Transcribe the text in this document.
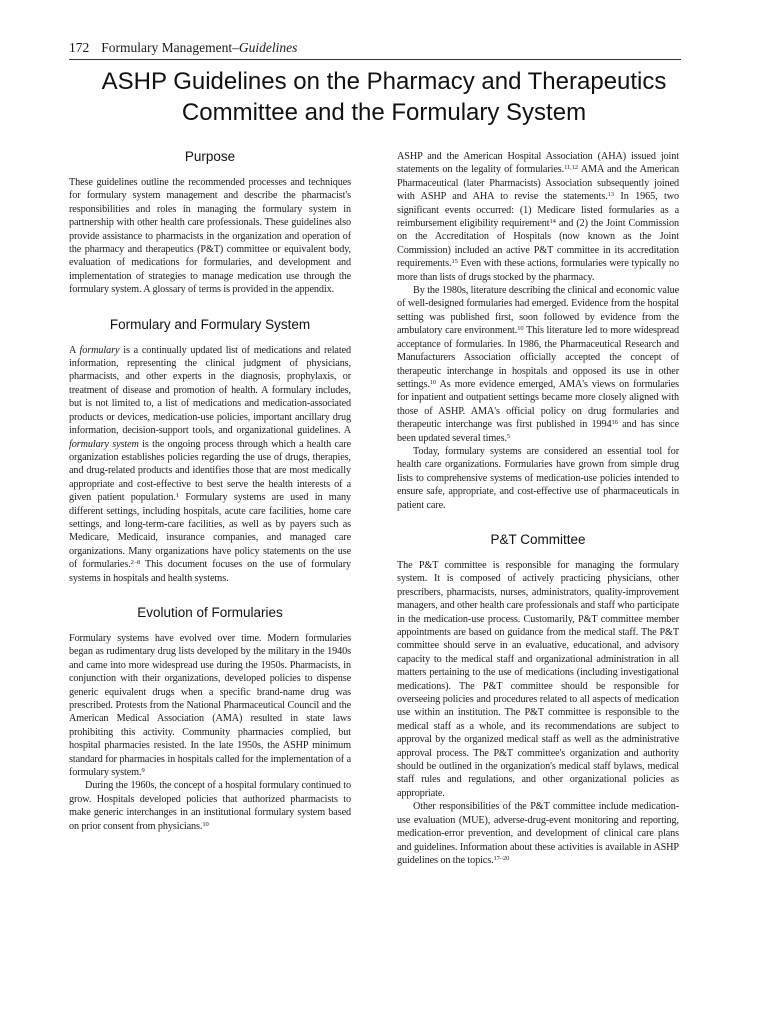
172 Formulary Management–Guidelines
ASHP Guidelines on the Pharmacy and Therapeutics
Committee and the Formulary System
Purpose

These guidelines outline the recommended processes and techniques for formulary system management and describe the pharmacist's responsibilities and roles in managing the formulary system in partnership with other health care professionals. These guidelines also provide assistance to pharmacists in the organization and operation of the pharmacy and therapeutics (P&T) committee or equivalent body, evaluation of medications for formularies, and development and implementation of strategies to manage medication use through the formulary system. A glossary of terms is provided in the appendix.

Formulary and Formulary System

A formulary is a continually updated list of medications and related information, representing the clinical judgment of physicians, pharmacists, and other experts in the diagnosis, prophylaxis, or treatment of disease and promotion of health. A formulary includes, but is not limited to, a list of medications and medication-associated products or devices, medication-use policies, important ancillary drug information, decision-support tools, and organizational guidelines. A formulary system is the ongoing process through which a health care organization establishes policies regarding the use of drugs, therapies, and drug-related products and identifies those that are most medically appropriate and cost-effective to best serve the health interests of a given patient population.$^1$ Formulary systems are used in many different settings, including hospitals, acute care facilities, home care settings, and long-term-care facilities, as well as by payers such as Medicare, Medicaid, insurance companies, and managed care organizations. Many organizations have policy statements on the use of formularies.$^{2-8}$ This document focuses on the use of formulary systems in hospitals and health systems.

Evolution of Formularies

Formulary systems have evolved over time. Modern formularies began as rudimentary drug lists developed by the military in the 1940s and came into more widespread use during the 1950s. Pharmacists, in conjunction with their organizations, developed policies to dispense generic equivalent drugs when a specific brand-name drug was prescribed. Protests from the National Pharmaceutical Council and the American Medical Association (AMA) resulted in state laws prohibiting this activity. Community pharmacies complied, but hospital pharmacies resisted. In the late 1950s, the ASHP minimum standard for pharmacies in hospitals called for the implementation of a formulary system.$^9$

During the 1960s, the concept of a hospital formulary continued to grow. Hospitals developed policies that authorized pharmacists to make generic interchanges in an institutional formulary system based on prior consent from physicians.$^{10}$

ASHP and the American Hospital Association (AHA) issued joint statements on the legality of formularies.$^{11,12}$ AMA and the American Pharmaceutical (later Pharmacists) Association subsequently joined with ASHP and AHA to revise the statements.$^{13}$ In 1965, two significant events occurred: (1) Medicare listed formularies as a reimbursement eligibility requirement$^{14}$ and (2) the Joint Commission on the Accreditation of Hospitals (now known as the Joint Commission) included an active P&T committee in its accreditation requirements.$^{15}$ Even with these actions, formularies were typically no more than lists of drugs stocked by the pharmacy.

By the 1980s, literature describing the clinical and economic value of well-designed formularies had emerged. Evidence from the hospital setting was published first, soon followed by evidence from the ambulatory care environment.$^{10}$ This literature led to more widespread acceptance of formularies. In 1986, the Pharmaceutical Research and Manufacturers Association officially accepted the concept of therapeutic interchange in hospitals and opposed its use in other settings.$^{10}$ As more evidence emerged, AMA's views on formularies for inpatient and outpatient settings became more closely aligned with those of ASHP. AMA's official policy on drug formularies and therapeutic interchange was first published in 1994$^{16}$ and has since been updated several times.$^5$

Today, formulary systems are considered an essential tool for health care organizations. Formularies have grown from simple drug lists to comprehensive systems of medication-use policies intended to ensure safe, appropriate, and cost-effective use of pharmaceuticals in patient care.

P&T Committee

The P&T committee is responsible for managing the formulary system. It is composed of actively practicing physicians, other prescribers, pharmacists, nurses, administrators, quality-improvement managers, and other health care professionals and staff who participate in the medication-use process. Customarily, P&T committee member appointments are based on guidance from the medical staff. The P&T committee should serve in an evaluative, educational, and advisory capacity to the medical staff and organizational administration in all matters pertaining to the use of medications (including investigational medications). The P&T committee should be responsible for overseeing policies and procedures related to all aspects of medication use within an institution. The P&T committee is responsible to the medical staff as a whole, and its recommendations are subject to approval by the organized medical staff as well as the administrative approval process. The P&T committee's organization and authority should be outlined in the organization's medical staff bylaws, medical staff rules and regulations, and other organizational policies as appropriate.

Other responsibilities of the P&T committee include medication-use evaluation (MUE), adverse-drug-event monitoring and reporting, medication-error prevention, and development of clinical care plans and guidelines. Information about these activities is available in ASHP guidelines on the topics.$^{17-20}$
